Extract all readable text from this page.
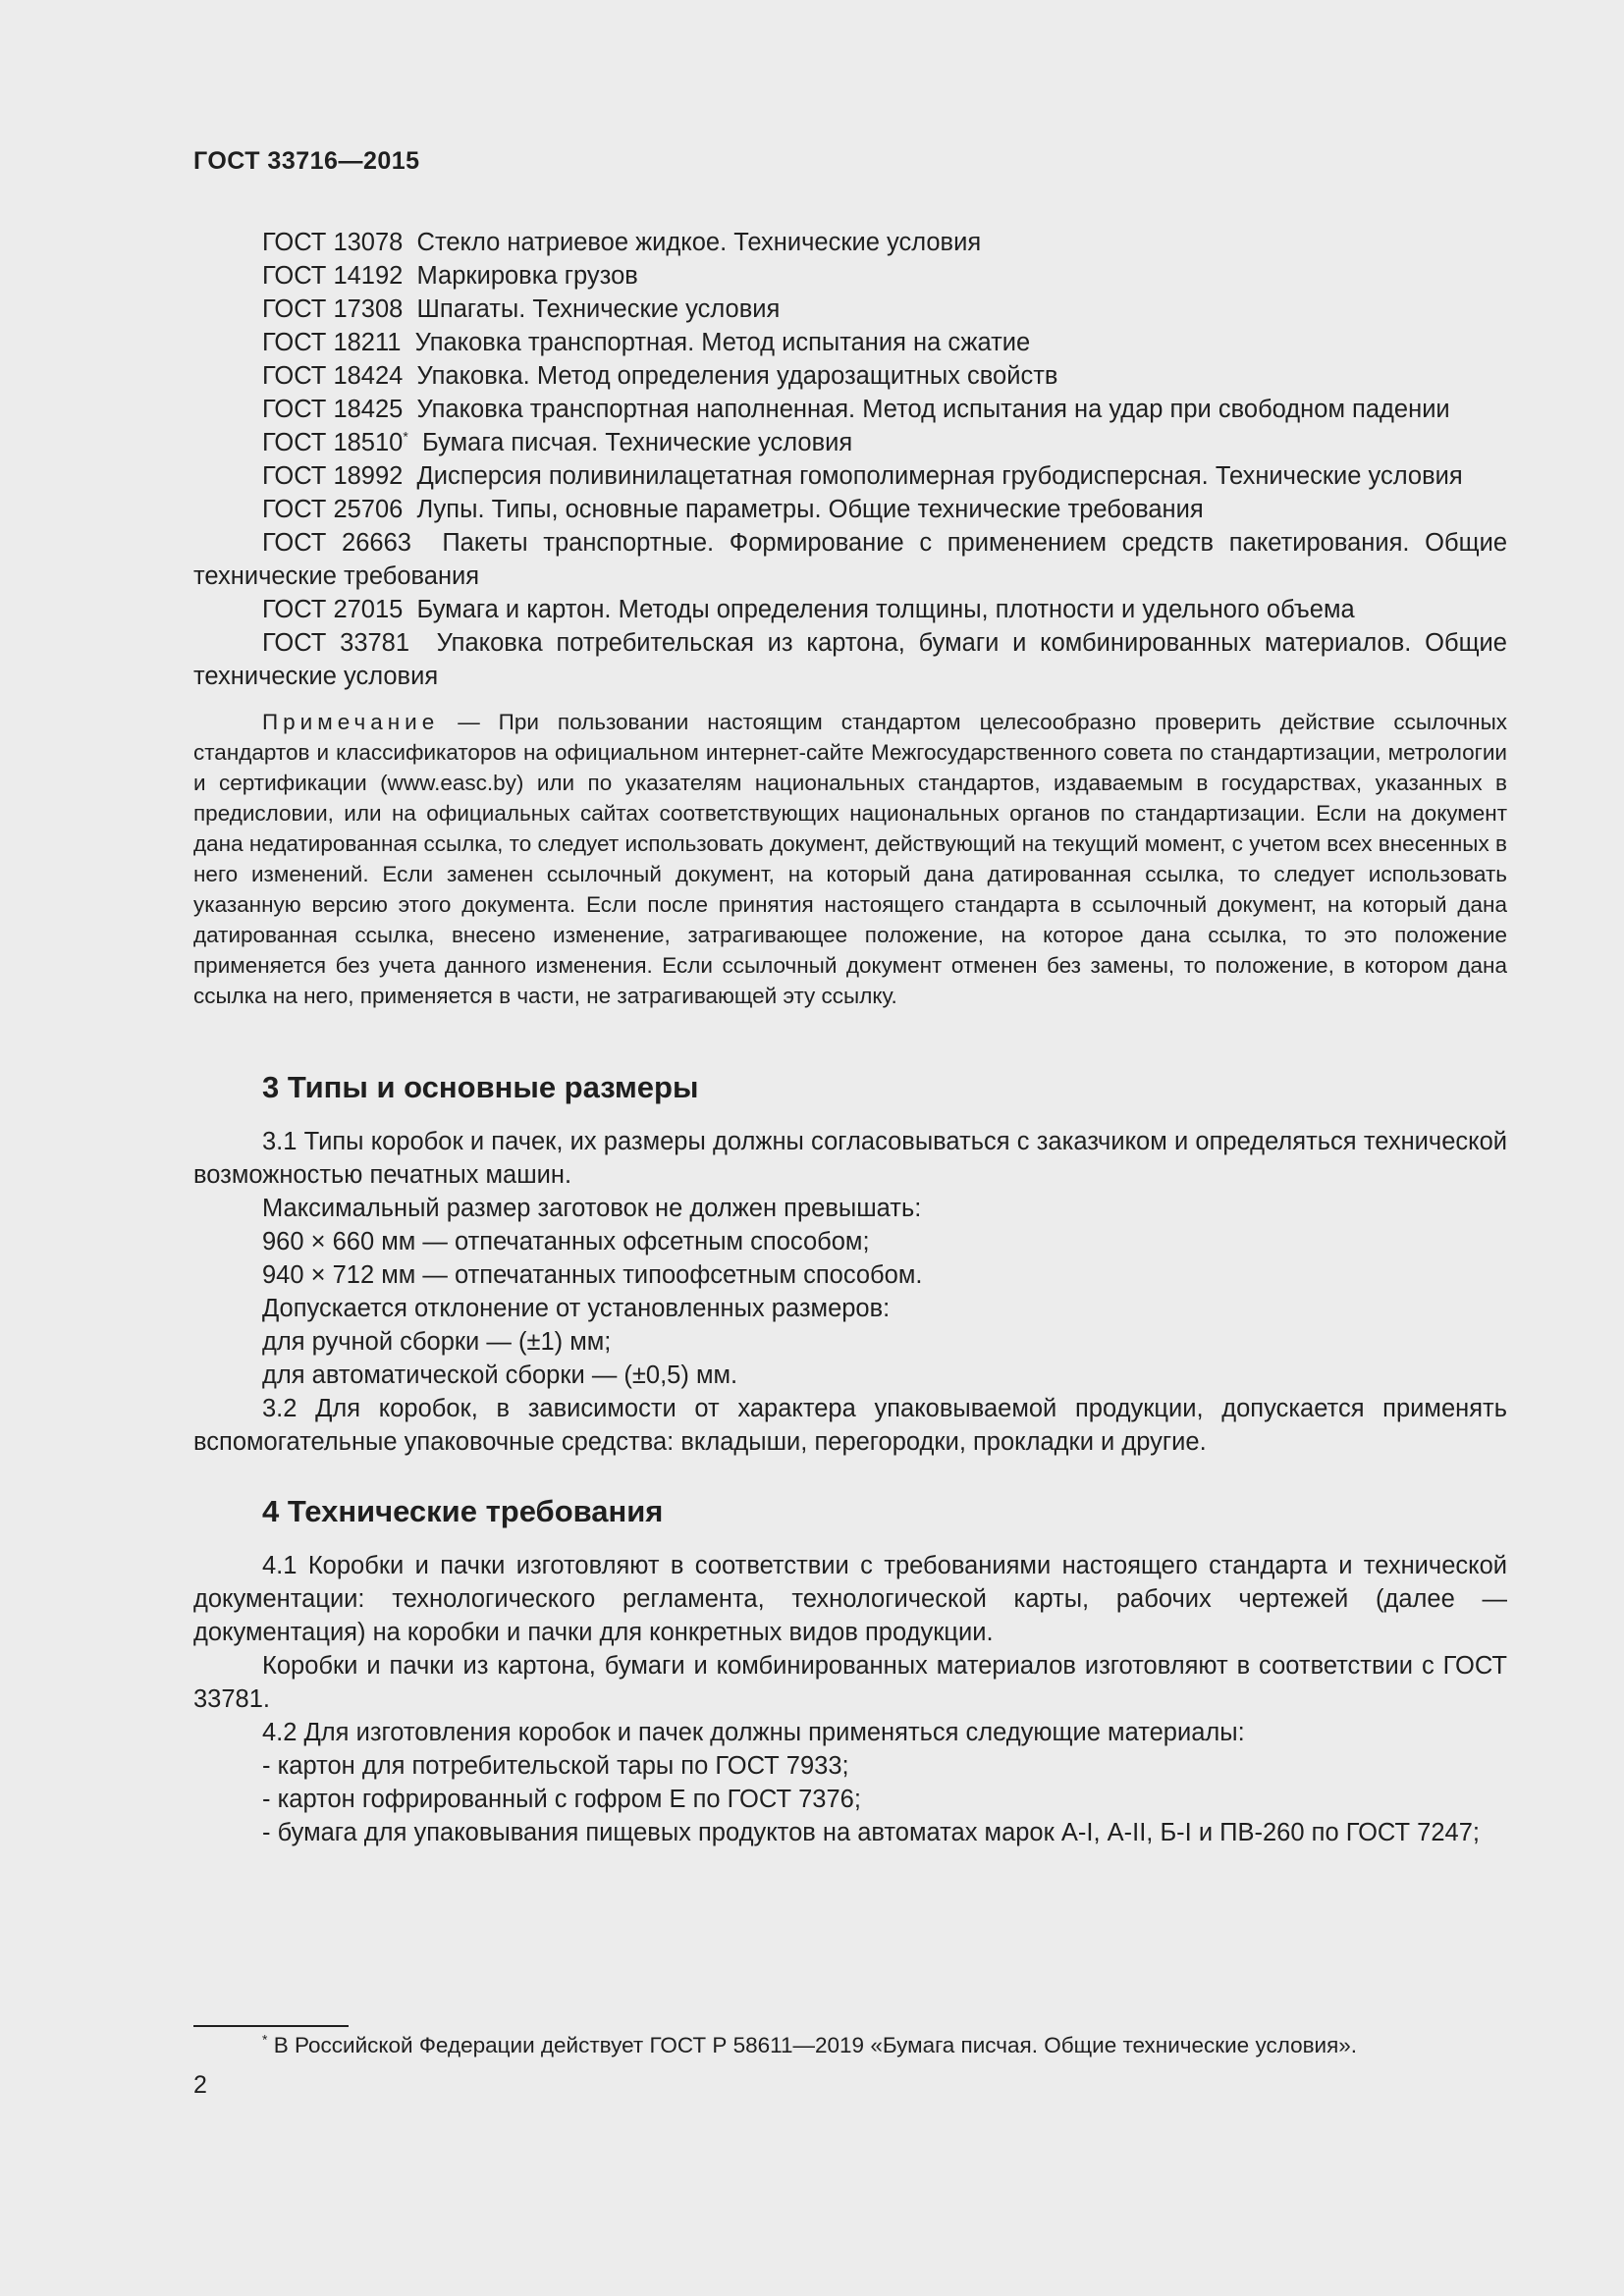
ГОСТ 33716—2015

ГОСТ 13078 Стекло натриевое жидкое. Технические условия

ГОСТ 14192 Маркировка грузов

ГОСТ 17308 Шпагаты. Технические условия

ГОСТ 18211 Упаковка транспортная. Метод испытания на сжатие

ГОСТ 18424 Упаковка. Метод определения ударозащитных свойств

ГОСТ 18425 Упаковка транспортная наполненная. Метод испытания на удар при свободном падении

ГОСТ 18510* Бумага писчая. Технические условия

ГОСТ 18992 Дисперсия поливинилацетатная гомополимерная грубодисперсная. Технические условия

ГОСТ 25706 Лупы. Типы, основные параметры. Общие технические требования

ГОСТ 26663 Пакеты транспортные. Формирование с применением средств пакетирования. Общие технические требования

ГОСТ 27015 Бумага и картон. Методы определения толщины, плотности и удельного объема

ГОСТ 33781 Упаковка потребительская из картона, бумаги и комбинированных материалов. Общие технические условия

Примечание — При пользовании настоящим стандартом целесообразно проверить действие ссылочных стандартов и классификаторов на официальном интернет-сайте Межгосударственного совета по стандартизации, метрологии и сертификации (www.easc.by) или по указателям национальных стандартов, издаваемым в государствах, указанных в предисловии, или на официальных сайтах соответствующих национальных органов по стандартизации. Если на документ дана недатированная ссылка, то следует использовать документ, действующий на текущий момент, с учетом всех внесенных в него изменений. Если заменен ссылочный документ, на который дана датированная ссылка, то следует использовать указанную версию этого документа. Если после принятия настоящего стандарта в ссылочный документ, на который дана датированная ссылка, внесено изменение, затрагивающее положение, на которое дана ссылка, то это положение применяется без учета данного изменения. Если ссылочный документ отменен без замены, то положение, в котором дана ссылка на него, применяется в части, не затрагивающей эту ссылку.

3 Типы и основные размеры

3.1 Типы коробок и пачек, их размеры должны согласовываться с заказчиком и определяться технической возможностью печатных машин.

Максимальный размер заготовок не должен превышать:

960 × 660 мм — отпечатанных офсетным способом;

940 × 712 мм — отпечатанных типоофсетным способом.

Допускается отклонение от установленных размеров:

для ручной сборки — (±1) мм;

для автоматической сборки — (±0,5) мм.

3.2 Для коробок, в зависимости от характера упаковываемой продукции, допускается применять вспомогательные упаковочные средства: вкладыши, перегородки, прокладки и другие.

4 Технические требования

4.1 Коробки и пачки изготовляют в соответствии с требованиями настоящего стандарта и технической документации: технологического регламента, технологической карты, рабочих чертежей (далее — документация) на коробки и пачки для конкретных видов продукции.

Коробки и пачки из картона, бумаги и комбинированных материалов изготовляют в соответствии с ГОСТ 33781.

4.2 Для изготовления коробок и пачек должны применяться следующие материалы:

- картон для потребительской тары по ГОСТ 7933;

- картон гофрированный с гофром Е по ГОСТ 7376;

- бумага для упаковывания пищевых продуктов на автоматах марок А-I, А-II, Б-I и ПВ-260 по ГОСТ 7247;

* В Российской Федерации действует ГОСТ Р 58611—2019 «Бумага писчая. Общие технические условия».
2
